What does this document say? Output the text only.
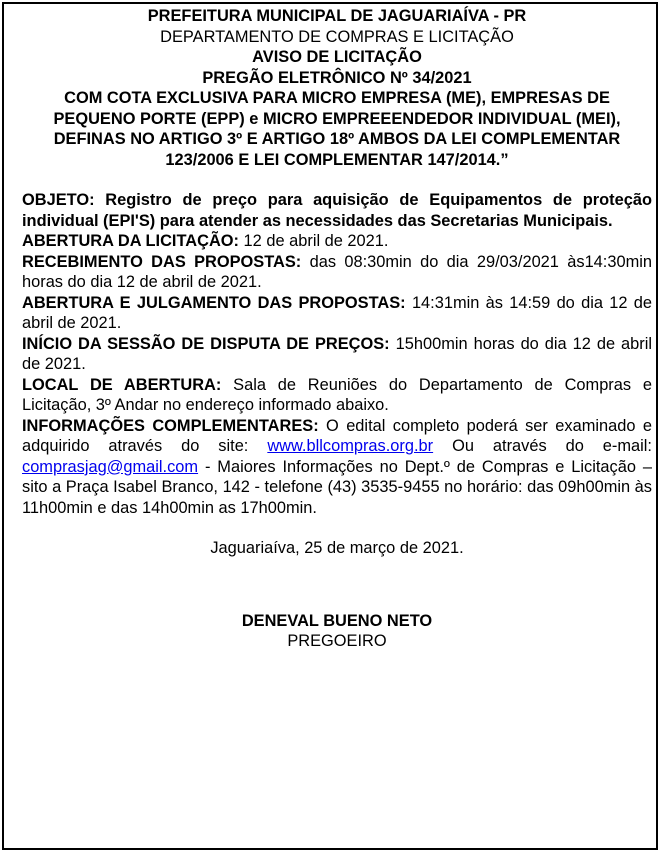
PREFEITURA MUNICIPAL DE JAGUARIAÍVA - PR

DEPARTAMENTO DE COMPRAS E LICITAÇÃO

AVISO DE LICITAÇÃO

PREGÃO ELETRÔNICO Nº 34/2021

COM COTA EXCLUSIVA PARA MICRO EMPRESA (ME), EMPRESAS DE PEQUENO PORTE (EPP) e MICRO EMPREEENDEDOR INDIVIDUAL (MEI), DEFINAS NO ARTIGO 3º E ARTIGO 18º AMBOS DA LEI COMPLEMENTAR 123/2006 E LEI COMPLEMENTAR 147/2014.”

OBJETO: Registro de preço para aquisição de Equipamentos de proteção individual (EPI'S) para atender as necessidades das Secretarias Municipais.

ABERTURA DA LICITAÇÃO: 12 de abril de 2021.

RECEBIMENTO DAS PROPOSTAS: das 08:30min do dia 29/03/2021 às14:30min horas do dia 12 de abril de 2021.

ABERTURA E JULGAMENTO DAS PROPOSTAS: 14:31min às 14:59 do dia 12 de abril de 2021.

INÍCIO DA SESSÃO DE DISPUTA DE PREÇOS: 15h00min horas do dia 12 de abril de 2021.

LOCAL DE ABERTURA: Sala de Reuniões do Departamento de Compras e Licitação, 3º Andar no endereço informado abaixo.

INFORMAÇÕES COMPLEMENTARES: O edital completo poderá ser examinado e adquirido através do site: www.bllcompras.org.br Ou através do e-mail: comprasjag@gmail.com - Maiores Informações no Dept.º de Compras e Licitação – sito a Praça Isabel Branco, 142 - telefone (43) 3535-9455 no horário: das 09h00min às 11h00min e das 14h00min as 17h00min.

Jaguariaíva, 25 de março de 2021.

DENEVAL BUENO NETO

PREGOEIRO
